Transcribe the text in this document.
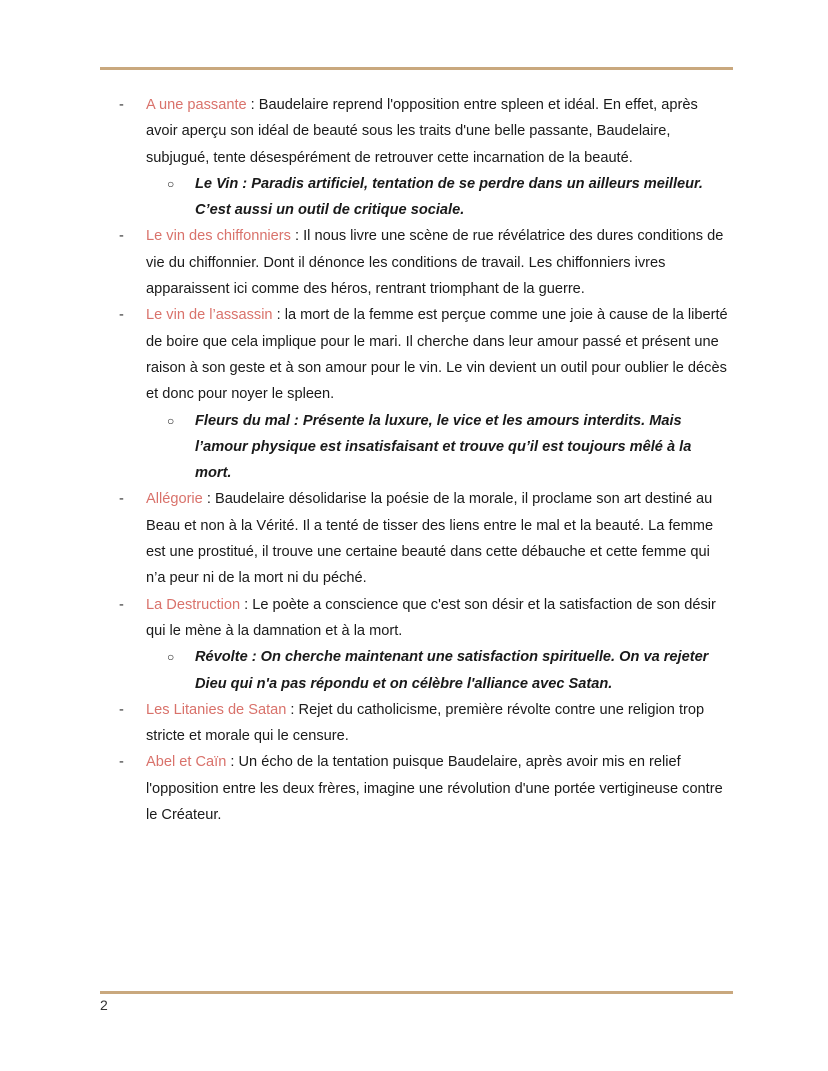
- A une passante : Baudelaire reprend l'opposition entre spleen et idéal. En effet, après avoir aperçu son idéal de beauté sous les traits d'une belle passante, Baudelaire, subjugué, tente désespérément de retrouver cette incarnation de la beauté.
○ Le Vin : Paradis artificiel, tentation de se perdre dans un ailleurs meilleur. C’est aussi un outil de critique sociale.
- Le vin des chiffonniers : Il nous livre une scène de rue révélatrice des dures conditions de vie du chiffonnier. Dont il dénonce les conditions de travail. Les chiffonniers ivres apparaissent ici comme des héros, rentrant triomphant de la guerre.
- Le vin de l’assassin : la mort de la femme est perçue comme une joie à cause de la liberté de boire que cela implique pour le mari. Il cherche dans leur amour passé et présent une raison à son geste et à son amour pour le vin. Le vin devient un outil pour oublier le décès et donc pour noyer le spleen.
○ Fleurs du mal : Présente la luxure, le vice et les amours interdits. Mais l’amour physique est insatisfaisant et trouve qu’il est toujours mêlé à la mort.
- Allégorie : Baudelaire désolidarise la poésie de la morale, il proclame son art destiné au Beau et non à la Vérité. Il a tenté de tisser des liens entre le mal et la beauté. La femme est une prostitué, il trouve une certaine beauté dans cette débauche et cette femme qui n’a peur ni de la mort ni du péché.
- La Destruction : Le poète a conscience que c'est son désir et la satisfaction de son désir qui le mène à la damnation et à la mort.
○ Révolte : On cherche maintenant une satisfaction spirituelle. On va rejeter Dieu qui n'a pas répondu et on célèbre l'alliance avec Satan.
- Les Litanies de Satan : Rejet du catholicisme, première révolte contre une religion trop stricte et morale qui le censure.
- Abel et Caïn : Un écho de la tentation puisque Baudelaire, après avoir mis en relief l'opposition entre les deux frères, imagine une révolution d'une portée vertigineuse contre le Créateur.
2
